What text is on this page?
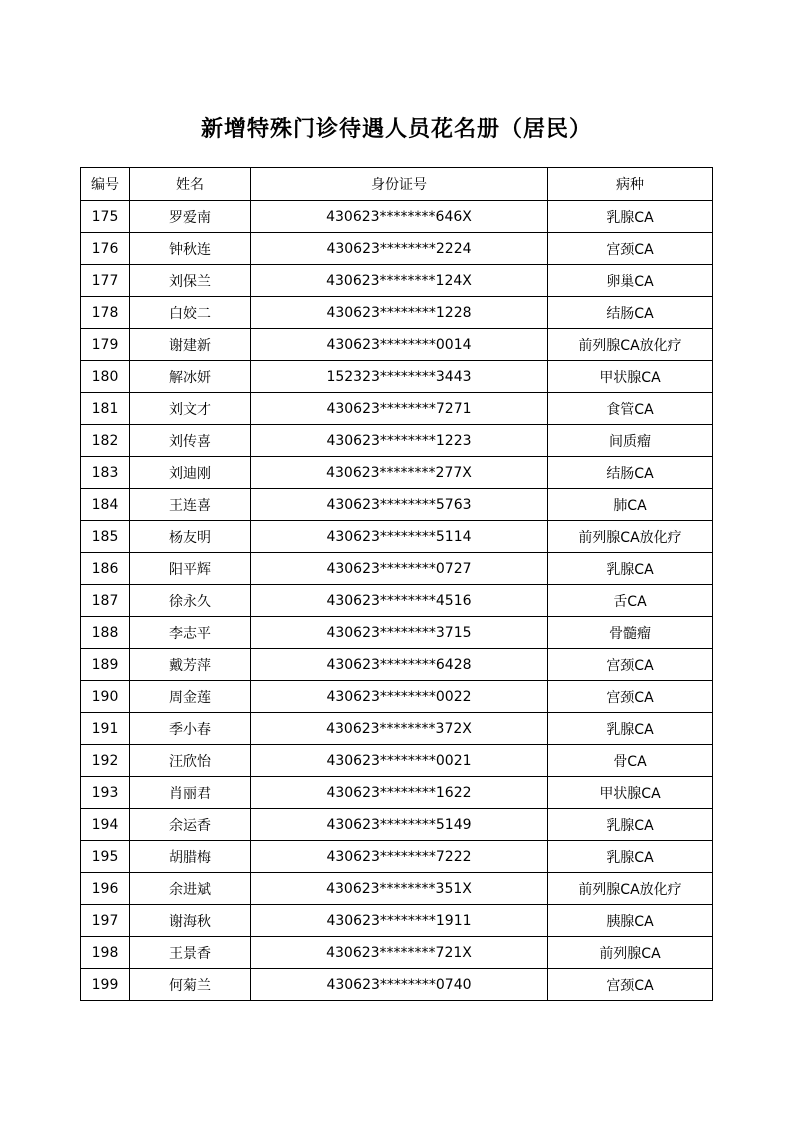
新增特殊门诊待遇人员花名册（居民）
编号	姓名	身份证号	病种
175	罗爱南	430623********646X	乳腺CA
176	钟秋连	430623********2224	宫颈CA
177	刘保兰	430623********124X	卵巢CA
178	白姣二	430623********1228	结肠CA
179	谢建新	430623********0014	前列腺CA放化疗
180	解冰妍	152323********3443	甲状腺CA
181	刘文才	430623********7271	食管CA
182	刘传喜	430623********1223	间质瘤
183	刘迪刚	430623********277X	结肠CA
184	王连喜	430623********5763	肺CA
185	杨友明	430623********5114	前列腺CA放化疗
186	阳平辉	430623********0727	乳腺CA
187	徐永久	430623********4516	舌CA
188	李志平	430623********3715	骨髓瘤
189	戴芳萍	430623********6428	宫颈CA
190	周金莲	430623********0022	宫颈CA
191	季小春	430623********372X	乳腺CA
192	汪欣怡	430623********0021	骨CA
193	肖丽君	430623********1622	甲状腺CA
194	余运香	430623********5149	乳腺CA
195	胡腊梅	430623********7222	乳腺CA
196	余进斌	430623********351X	前列腺CA放化疗
197	谢海秋	430623********1911	胰腺CA
198	王景香	430623********721X	前列腺CA
199	何菊兰	430623********0740	宫颈CA
